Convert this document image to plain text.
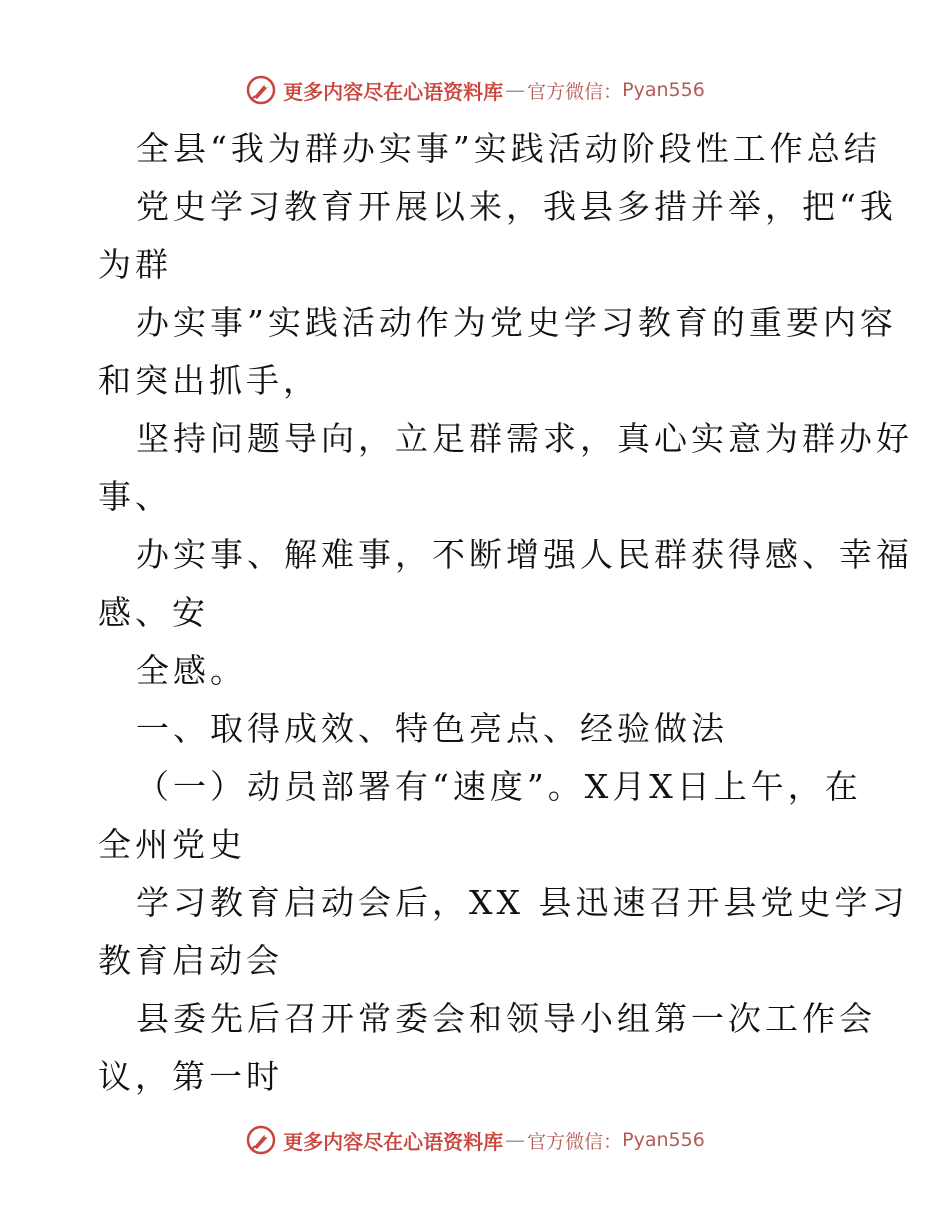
更多内容尽在心语资料库 — 官方微信： Pyan556
全县“我为群办实事”实践活动阶段性工作总结
党史学习教育开展以来，我县多措并举，把“我
为群
办实事”实践活动作为党史学习教育的重要内容
和突出抓手，
坚持问题导向，立足群需求，真心实意为群办好
事、
办实事、解难事，不断增强人民群获得感、幸福
感、安
全感。
一、取得成效、特色亮点、经验做法
（一）动员部署有“速度”。X月X日上午，在
全州党史
学习教育启动会后，XX 县迅速召开县党史学习
教育启动会
县委先后召开常委会和领导小组第一次工作会
议，第一时
更多内容尽在心语资料库 — 官方微信： Pyan556
